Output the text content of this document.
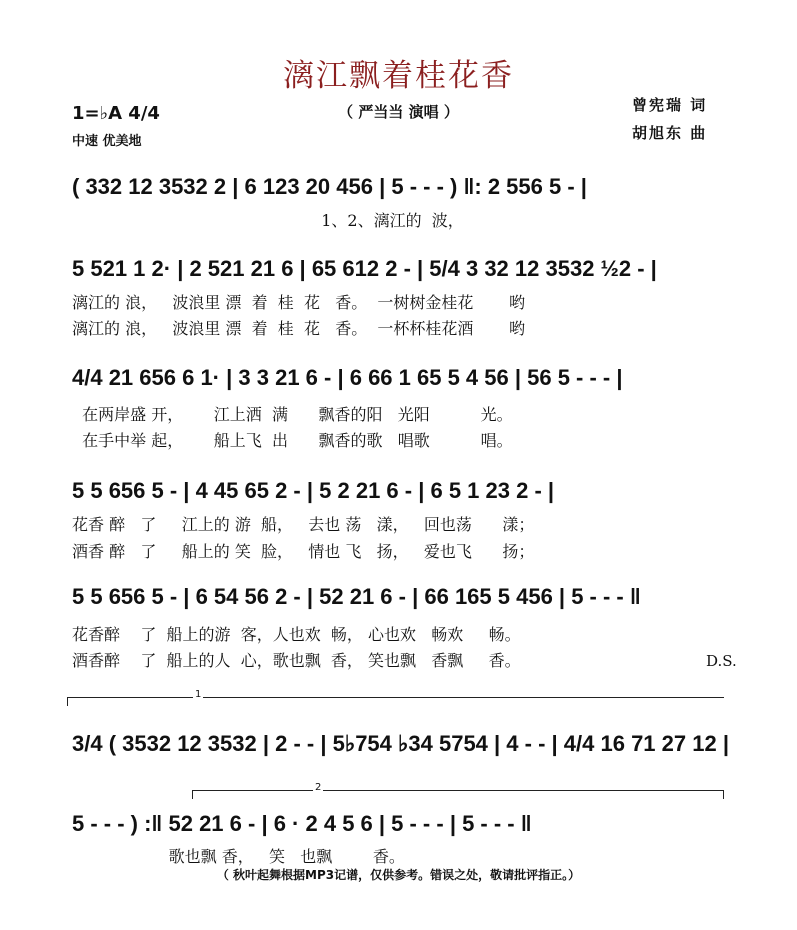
漓江飘着桂花香
（ 严当当 演唱 ）
1=♭A 4/4
中速 优美地
曾宪瑞 词
胡旭东 曲
( 332 12 3532 2 | 6 123 20 456 | 5 - - - ) ‖: 2 556 5 - |
1、2、漓江的  波，
5 521 1 2· | 2 521 21 6 | 65 612 2 - | 5/4 3 32 12 3532 ½2 - |
漓江的 浪，   波浪里 漂  着  桂  花   香。  一树树金桂花       哟
漓江的 浪，   波浪里 漂  着  桂  花   香。  一杯杯桂花酒       哟
4/4 21 656 6 1· | 3 3 21 6 - | 6 66 1 65 5 4 56 | 56 5 - - - |
在两岸盛 开，      江上洒  满      飘香的阳   光阳          光。
在手中举 起，      船上飞  出      飘香的歌   唱歌          唱。
5 5 656 5 - | 4 45 65 2 - | 5 2 21 6 - | 6 5 1 23 2 - |
花香 醉   了     江上的 游  船，   去也 荡   漾，   回也荡      漾；
酒香 醉   了     船上的 笑  脸，   情也 飞   扬，   爱也飞      扬；
5 5 656 5 - | 6 54 56 2 - | 52 21 6 - | 66 165 5 456 | 5 - - - ‖
花香醉    了  船上的游  客，人也欢  畅， 心也欢   畅欢     畅。
酒香醉    了  船上的人  心，歌也飘  香， 笑也飘   香飘     香。	D.S.
1
3/4 ( 3532 12 3532 | 2 - - | 5♭754 ♭34 5754 | 4 - - | 4/4 16 71 27 12 |
2
5 - - - ) :‖ 52 21 6 - | 6 · 2 4 5 6 | 5 - - - | 5 - - - ‖
歌也飘 香，   笑   也飘        香。
（ 秋叶起舞根据MP3记谱，仅供参考。错误之处，敬请批评指正。）
